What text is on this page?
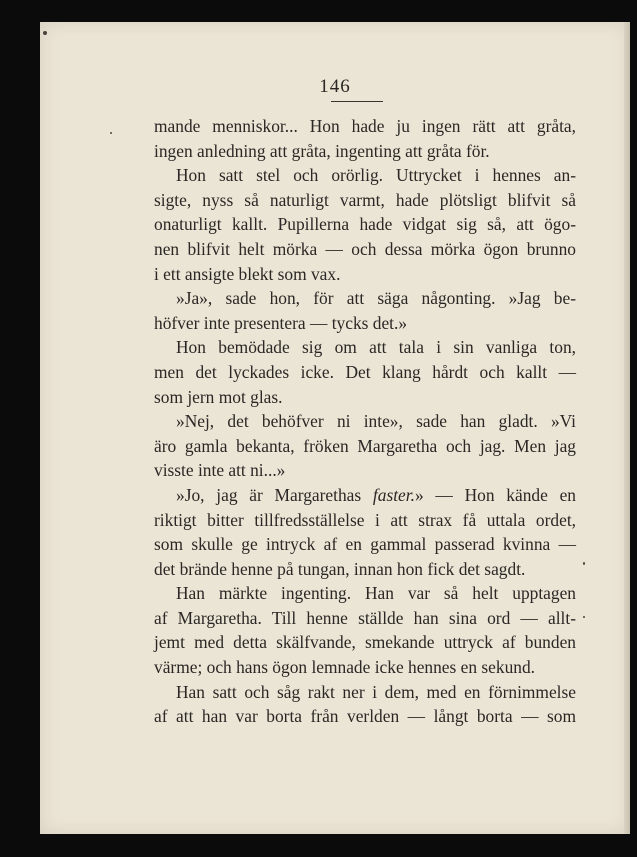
146
mande menniskor... Hon hade ju ingen rätt att gråta,
ingen anledning att gråta, ingenting att gråta för.
Hon satt stel och orörlig. Uttrycket i hennes an-
sigte, nyss så naturligt varmt, hade plötsligt blifvit så
onaturligt kallt. Pupillerna hade vidgat sig så, att ögo-
nen blifvit helt mörka — och dessa mörka ögon brunno
i ett ansigte blekt som vax.
»Ja», sade hon, för att säga någonting. »Jag be-
höfver inte presentera — tycks det.»
Hon bemödade sig om att tala i sin vanliga ton,
men det lyckades icke. Det klang hårdt och kallt —
som jern mot glas.
»Nej, det behöfver ni inte», sade han gladt. »Vi
äro gamla bekanta, fröken Margaretha och jag. Men jag
visste inte att ni...»
»Jo, jag är Margarethas faster.» — Hon kände en
riktigt bitter tillfredsställelse i att strax få uttala ordet,
som skulle ge intryck af en gammal passerad kvinna —
det brände henne på tungan, innan hon fick det sagdt.
Han märkte ingenting. Han var så helt upptagen
af Margaretha. Till henne ställde han sina ord — allt-
jemt med detta skälfvande, smekande uttryck af bunden
värme; och hans ögon lemnade icke hennes en sekund.
Han satt och såg rakt ner i dem, med en förnimmelse
af att han var borta från verlden — långt borta — som
